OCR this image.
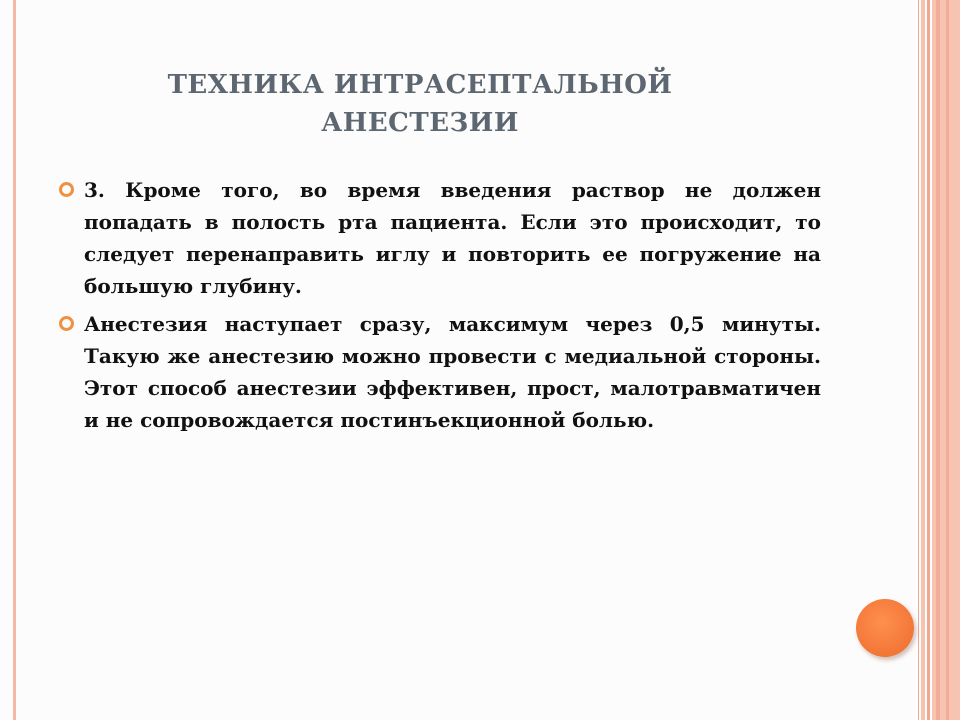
ТЕХНИКА ИНТРАСЕПТАЛЬНОЙ
АНЕСТЕЗИИ
3. Кроме того, во время введения раствор не должен попадать в полость рта пациента. Если это происходит, то следует перенаправить иглу и повторить ее погружение на большую глубину.
Анестезия наступает сразу, максимум через 0,5 минуты. Такую же анестезию можно провести с медиальной стороны. Этот способ анестезии эффективен, прост, малотравматичен и не сопровождается постинъекционной болью.
